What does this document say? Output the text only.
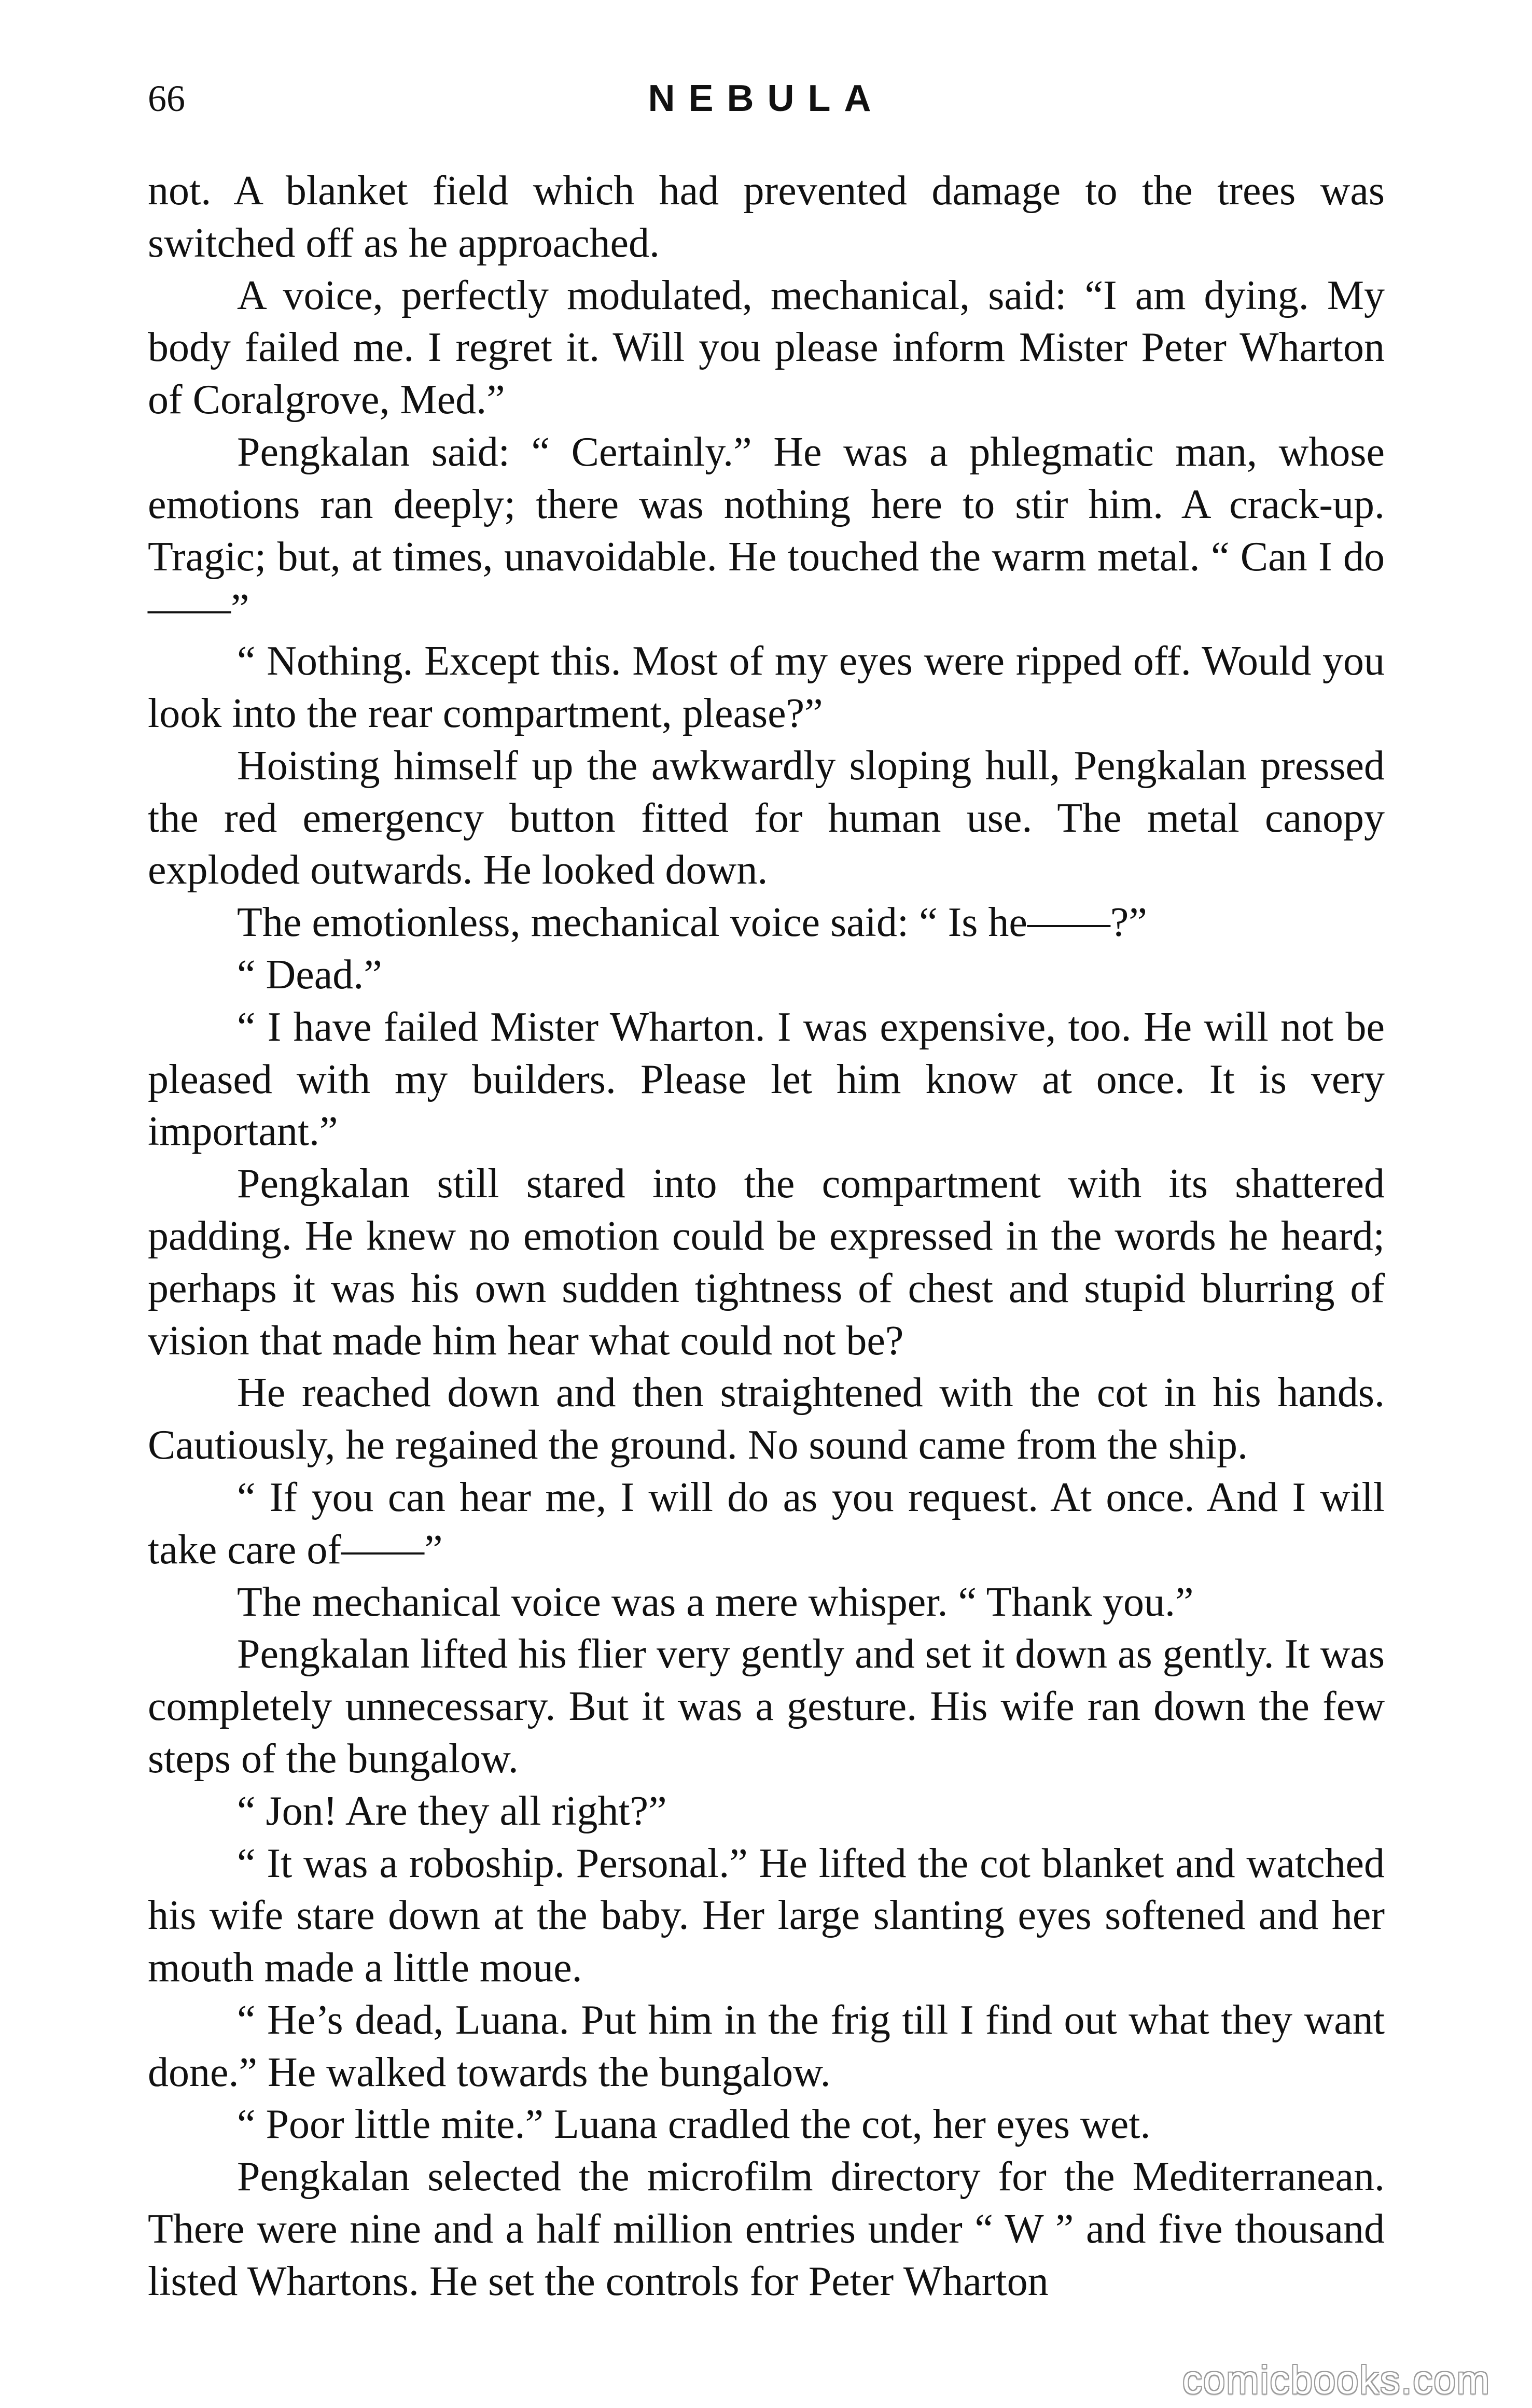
66	NEBULA

not. A blanket field which had prevented damage to the trees was switched off as he approached.

A voice, perfectly modulated, mechanical, said: “I am dying. My body failed me. I regret it. Will you please inform Mister Peter Wharton of Coralgrove, Med.”

Pengkalan said: “ Certainly.” He was a phlegmatic man, whose emotions ran deeply; there was nothing here to stir him. A crack-up. Tragic; but, at times, unavoidable. He touched the warm metal. “ Can I do——”

“ Nothing. Except this. Most of my eyes were ripped off. Would you look into the rear compartment, please?”

Hoisting himself up the awkwardly sloping hull, Pengkalan pressed the red emergency button fitted for human use. The metal canopy exploded outwards. He looked down.

The emotionless, mechanical voice said: “ Is he——?”

“ Dead.”

“ I have failed Mister Wharton. I was expensive, too. He will not be pleased with my builders. Please let him know at once. It is very important.”

Pengkalan still stared into the compartment with its shattered padding. He knew no emotion could be expressed in the words he heard; perhaps it was his own sudden tightness of chest and stupid blurring of vision that made him hear what could not be?

He reached down and then straightened with the cot in his hands. Cautiously, he regained the ground. No sound came from the ship.

“ If you can hear me, I will do as you request. At once. And I will take care of——”

The mechanical voice was a mere whisper. “ Thank you.”

Pengkalan lifted his flier very gently and set it down as gently. It was completely unnecessary. But it was a gesture. His wife ran down the few steps of the bungalow.

“ Jon! Are they all right?”

“ It was a roboship. Personal.” He lifted the cot blanket and watched his wife stare down at the baby. Her large slanting eyes softened and her mouth made a little moue.

“ He’s dead, Luana. Put him in the frig till I find out what they want done.” He walked towards the bungalow.

“ Poor little mite.” Luana cradled the cot, her eyes wet.

Pengkalan selected the microfilm directory for the Mediterranean. There were nine and a half million entries under “ W ” and five thousand listed Whartons. He set the controls for Peter Wharton

comicbooks.com
